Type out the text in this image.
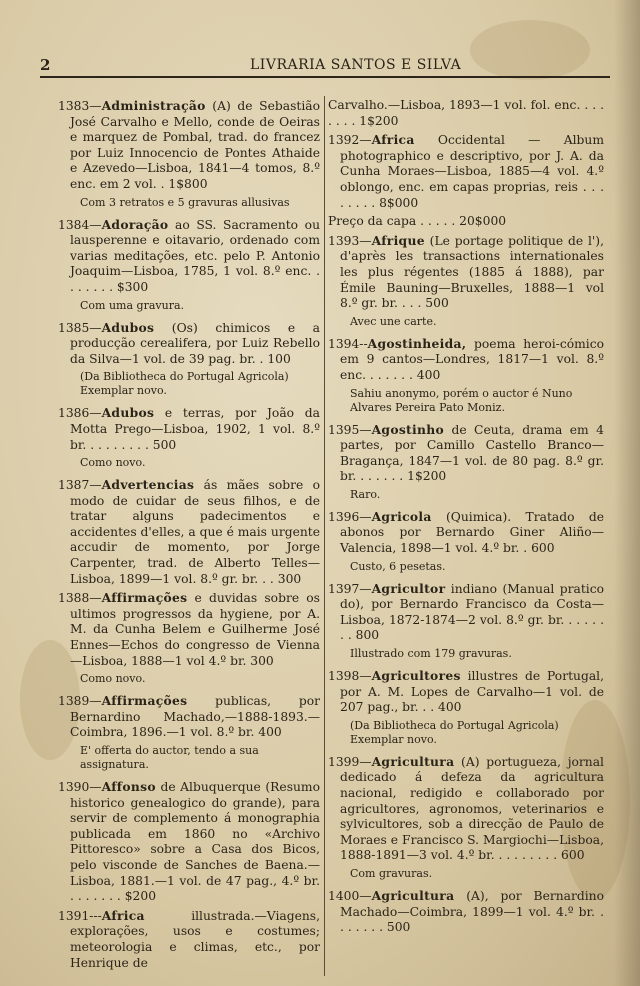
2	LIVRARIA SANTOS E SILVA
1383—Administração (A) de Sebastião José Carvalho e Mello, conde de Oeiras e marquez de Pombal, trad. do francez por Luiz Innocencio de Pontes Athaide e Azevedo—Lisboa, 1841—4 tomos, 8.º enc. em 2 vol. . 1$800
Com 3 retratos e 5 gravuras allusivas
1384—Adoração ao SS. Sacramento ou lausperenne e oitavario, ordenado com varias meditações, etc. pelo P. Antonio Joaquim—Lisboa, 1785, 1 vol. 8.º enc. . . . . . . . $300
Com uma gravura.
1385—Adubos (Os) chimicos e a producção cerealifera, por Luiz Rebello da Silva—1 vol. de 39 pag. br. . 100
(Da Bibliotheca do Portugal Agricola) Exemplar novo.
1386—Adubos e terras, por João da Motta Prego—Lisboa, 1902, 1 vol. 8.º br. . . . . . . . . 500
Como novo.
1387—Advertencias ás mães sobre o modo de cuidar de seus filhos, e de tratar alguns padecimentos e accidentes d'elles, a que é mais urgente accudir de momento, por Jorge Carpenter, trad. de Alberto Telles—Lisboa, 1899—1 vol. 8.º gr. br. . . 300
1388—Affirmações e duvidas sobre os ultimos progressos da hygiene, por A. M. da Cunha Belem e Guilherme José Ennes—Echos do congresso de Vienna—Lisboa, 1888—1 vol 4.º br. 300
Como novo.
1389—Affirmações publicas, por Bernardino Machado,—1888-1893.—Coimbra, 1896.—1 vol. 8.º br. 400
E' offerta do auctor, tendo a sua assignatura.
1390—Affonso de Albuquerque (Resumo historico genealogico do grande), para servir de complemento á monographia publicada em 1860 no «Archivo Pittoresco» sobre a Casa dos Bicos, pelo visconde de Sanches de Baena.—Lisboa, 1881.—1 vol. de 47 pag., 4.º br. . . . . . . . $200
1391---Africa illustrada.—Viagens, explorações, usos e costumes; meteorologia e climas, etc., por Henrique de
Carvalho.—Lisboa, 1893—1 vol. fol. enc. . . . . . . . 1$200
1392—Africa Occidental — Album photographico e descriptivo, por J. A. da Cunha Moraes—Lisboa, 1885—4 vol. 4.º oblongo, enc. em capas proprias, reis . . . . . . . . 8$000
Preço da capa . . . . . 20$000
1393—Afrique (Le portage politique de l'), d'après les transactions internationales les plus régentes (1885 á 1888), par Émile Bauning—Bruxelles, 1888—1 vol 8.º gr. br. . . . 500
Avec une carte.
1394--Agostinheida, poema heroi-cómico em 9 cantos—Londres, 1817—1 vol. 8.º enc. . . . . . . 400
Sahiu anonymo, porém o auctor é Nuno Alvares Pereira Pato Moniz.
1395—Agostinho de Ceuta, drama em 4 partes, por Camillo Castello Branco—Bragança, 1847—1 vol. de 80 pag. 8.º gr. br. . . . . . . 1$200
Raro.
1396—Agricola (Quimica). Tratado de abonos por Bernardo Giner Aliño—Valencia, 1898—1 vol. 4.º br. . 600
Custo, 6 pesetas.
1397—Agricultor indiano (Manual pratico do), por Bernardo Francisco da Costa—Lisboa, 1872-1874—2 vol. 8.º gr. br. . . . . . . . 800
Illustrado com 179 gravuras.
1398—Agricultores illustres de Portugal, por A. M. Lopes de Carvalho—1 vol. de 207 pag., br. . . 400
(Da Bibliotheca do Portugal Agricola) Exemplar novo.
1399—Agricultura (A) portugueza, jornal dedicado á defeza da agricultura nacional, redigido e collaborado por agricultores, agronomos, veterinarios e sylvicultores, sob a direcção de Paulo de Moraes e Francisco S. Margiochi—Lisboa, 1888-1891—3 vol. 4.º br. . . . . . . . . 600
Com gravuras.
1400—Agricultura (A), por Bernardino Machado—Coimbra, 1899—1 vol. 4.º br. . . . . . . . 500
